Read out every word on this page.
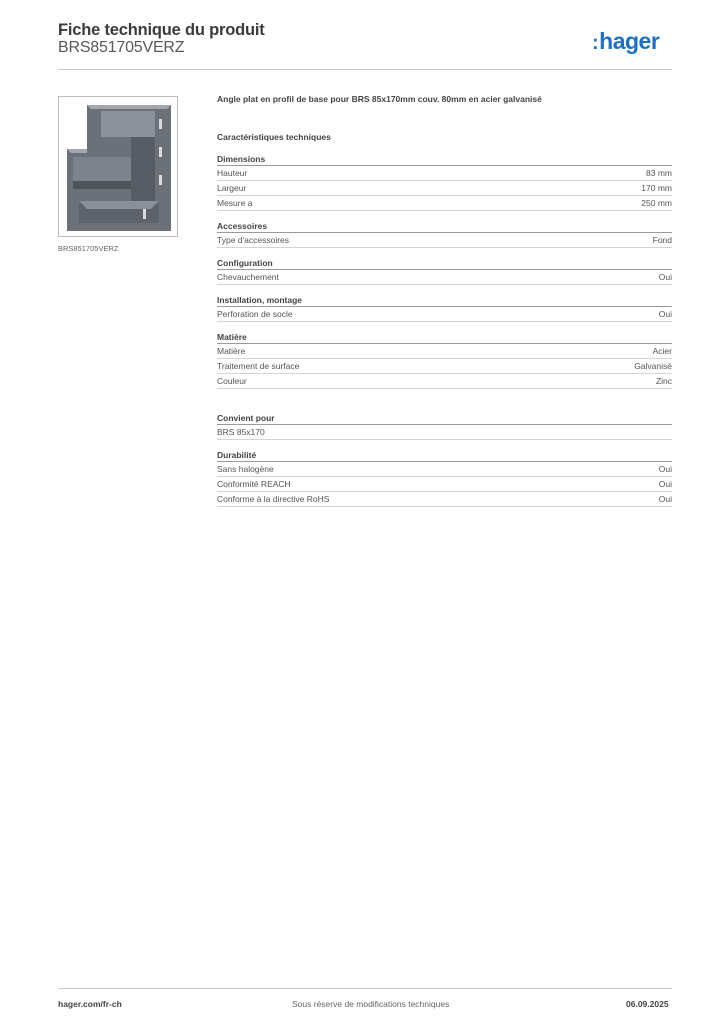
Fiche technique du produit
BRS851705VERZ	:hager
BRS851705VERZ

Angle plat en profil de base pour BRS 85x170mm couv. 80mm en acier galvanisé

Caractéristiques techniques

Dimensions
Hauteur	83 mm
Largeur	170 mm
Mesure a	250 mm
Accessoires
Type d'accessoires	Fond
Configuration
Chevauchement	Oui
Installation, montage
Perforation de socle	Oui
Matière
Matière	Acier
Traitement de surface	Galvanisé
Couleur	Zinc
Convient pour
BRS 85x170
Durabilité
Sans halogène	Oui
Conformité REACH	Oui
Conforme à la directive RoHS	Oui
hager.com/fr-ch	Sous réserve de modifications techniques	06.09.2025
